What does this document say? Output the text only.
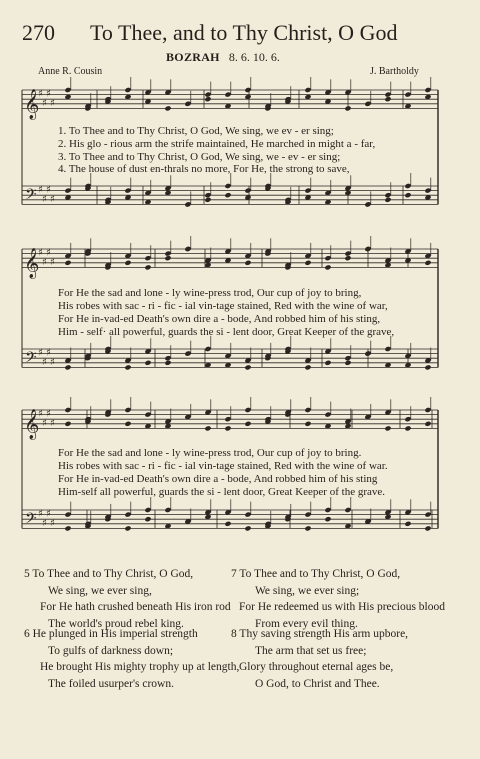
270 To Thee, and to Thy Christ, O God
BOZRAH 8. 6. 10. 6.
Anne R. Cousin	J. Bartholdy
𝄞
♯
♯
♯
♯
𝄢 ♯
♯
♯
♯
𝄞
♯
♯
♯
♯
𝄢 ♯
♯
♯
♯
𝄞
♯
♯
♯
♯
𝄢 ♯
♯
♯
♯
1. To Thee and to Thy Christ, O God, We sing, we ev - er sing;
2. His glo - rious arm the strife maintained, He marched in might a - far,
3. To Thee and to Thy Christ, O God, We sing, we - ev - er sing;
4. The house of dust en-thrals no more, For He, the strong to save,
For He the sad and lone - ly wine-press trod, Our cup of joy to bring,
His robes with sac - ri - fic - ial vin-tage stained, Red with the wine of war,
For He in-vad-ed Death's own dire a - bode, And robbed him of his sting,
Him - self· all powerful, guards the si - lent door, Great Keeper of the grave,
For He the sad and lone - ly wine-press trod, Our cup of joy to bring.
His robes with sac - ri - fic - ial vin-tage stained, Red with the wine of war.
For He in-vad-ed Death's own dire a - bode, And robbed him of his sting
Him-self all powerful, guards the si - lent door, Great Keeper of the grave.
5 To Thee and to Thy Christ, O God,
We sing, we ever sing,
For He hath crushed beneath His iron rod
The world's proud rebel king.
6 He plunged in His imperial strength
To gulfs of darkness down;
He brought His mighty trophy up at length,
The foiled usurper's crown.
7 To Thee and to Thy Christ, O God,
We sing, we ever sing;
For He redeemed us with His precious blood
From every evil thing.
8 Thy saving strength His arm upbore,
The arm that set us free;
Glory throughout eternal ages be,
O God, to Christ and Thee.
